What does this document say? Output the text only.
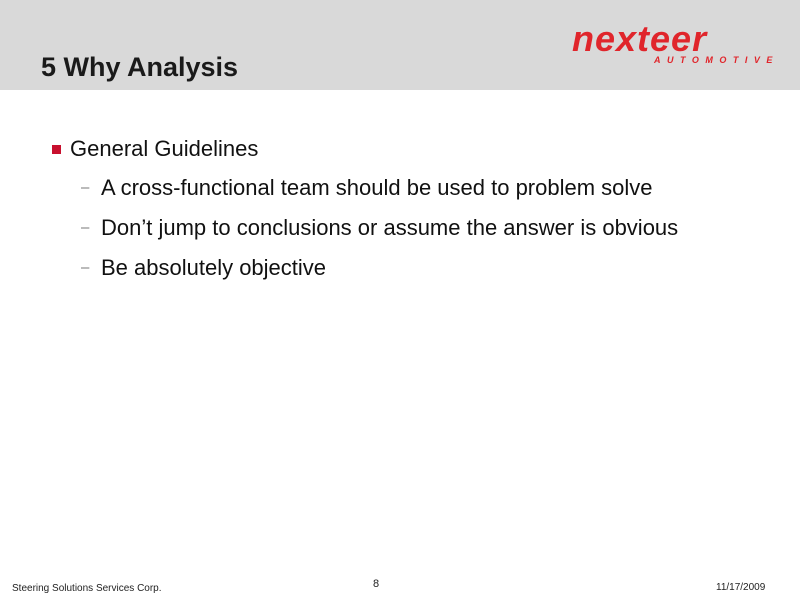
5 Why Analysis
nexteer
AUTOMOTIVE
General Guidelines
– A cross-functional team should be used to problem solve
– Don’t jump to conclusions or assume the answer is obvious
– Be absolutely objective
Steering Solutions Services Corp.	8	11/17/2009
